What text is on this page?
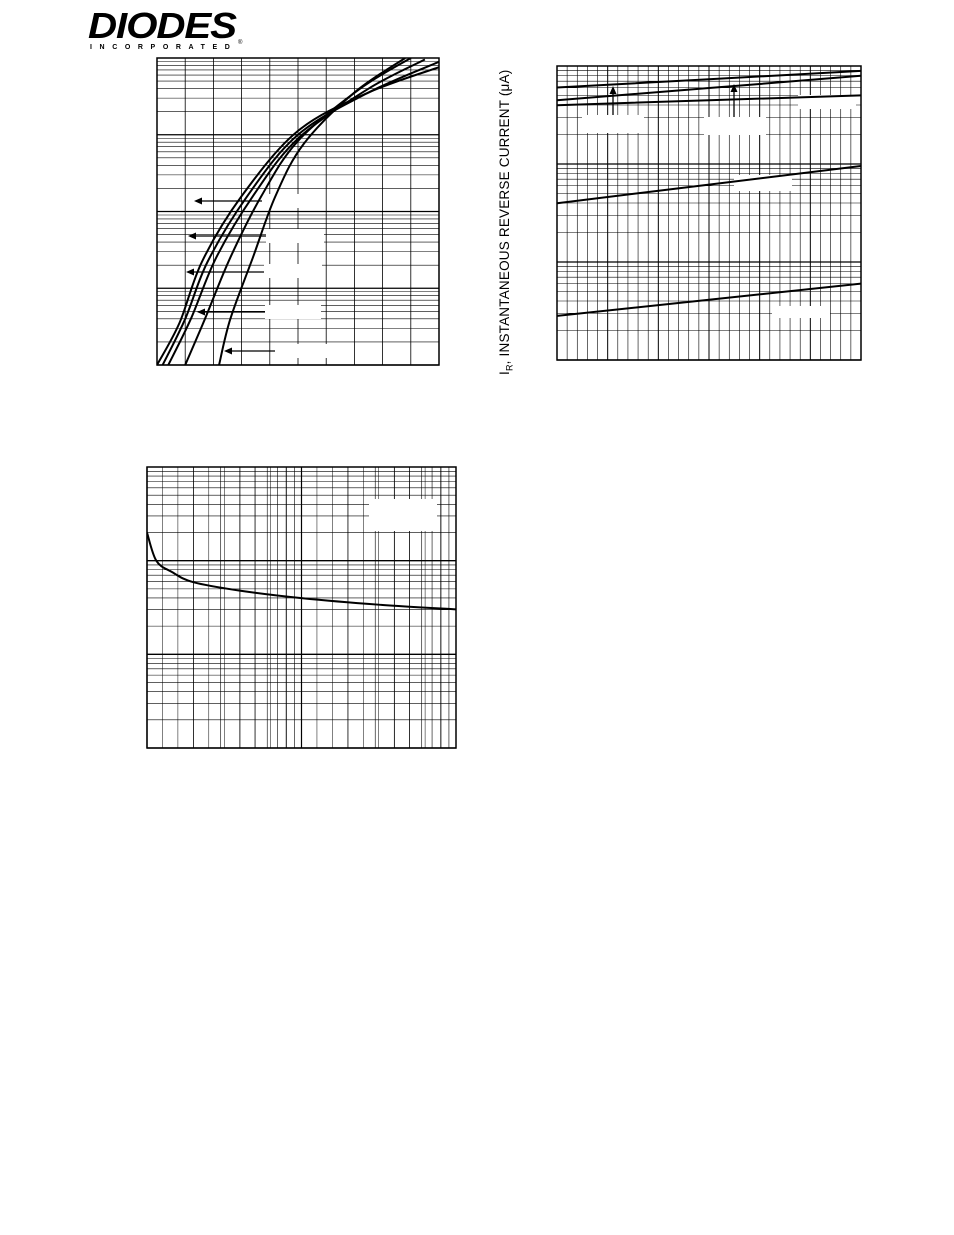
DIODES
INCORPORATED
®
$I_R$, INSTANTANEOUS REVERSE CURRENT (μA)
